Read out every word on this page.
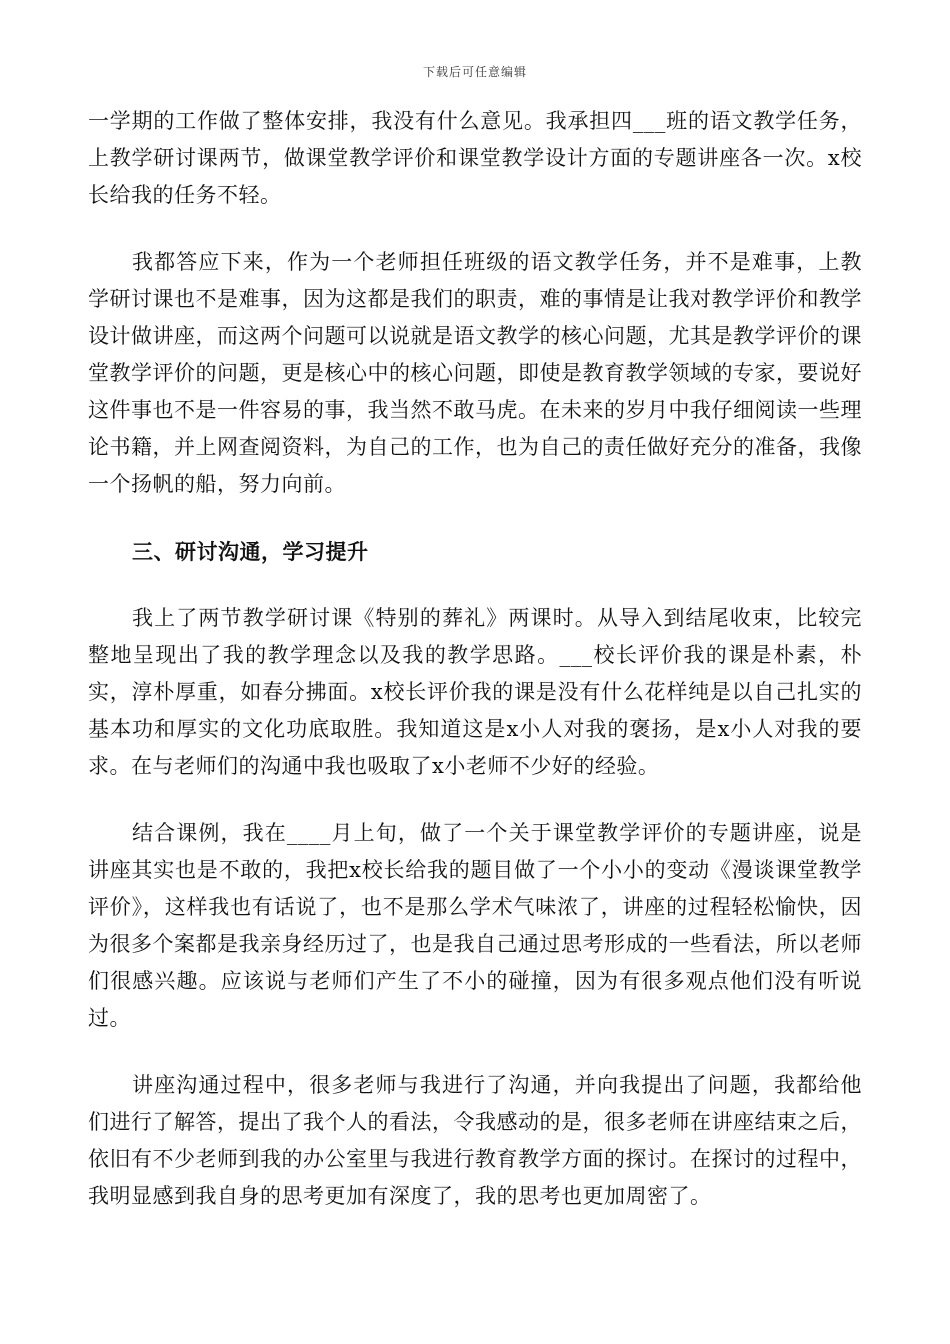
下载后可任意编辑

一学期的工作做了整体安排，我没有什么意见。我承担四___班的语文教学任务，上教学研讨课两节，做课堂教学评价和课堂教学设计方面的专题讲座各一次。x校长给我的任务不轻。

我都答应下来，作为一个老师担任班级的语文教学任务，并不是难事，上教学研讨课也不是难事，因为这都是我们的职责，难的事情是让我对教学评价和教学设计做讲座，而这两个问题可以说就是语文教学的核心问题，尤其是教学评价的课堂教学评价的问题，更是核心中的核心问题，即使是教育教学领域的专家，要说好这件事也不是一件容易的事，我当然不敢马虎。在未来的岁月中我仔细阅读一些理论书籍，并上网查阅资料，为自己的工作，也为自己的责任做好充分的准备，我像一个扬帆的船，努力向前。

三、研讨沟通，学习提升

我上了两节教学研讨课《特别的葬礼》两课时。从导入到结尾收束，比较完整地呈现出了我的教学理念以及我的教学思路。___校长评价我的课是朴素，朴实，淳朴厚重，如春分拂面。x校长评价我的课是没有什么花样纯是以自己扎实的基本功和厚实的文化功底取胜。我知道这是x小人对我的褒扬，是x小人对我的要求。在与老师们的沟通中我也吸取了x小老师不少好的经验。

结合课例，我在____月上旬，做了一个关于课堂教学评价的专题讲座，说是讲座其实也是不敢的，我把x校长给我的题目做了一个小小的变动《漫谈课堂教学评价》，这样我也有话说了，也不是那么学术气味浓了，讲座的过程轻松愉快，因为很多个案都是我亲身经历过了，也是我自己通过思考形成的一些看法，所以老师们很感兴趣。应该说与老师们产生了不小的碰撞，因为有很多观点他们没有听说过。

讲座沟通过程中，很多老师与我进行了沟通，并向我提出了问题，我都给他们进行了解答，提出了我个人的看法，令我感动的是，很多老师在讲座结束之后，依旧有不少老师到我的办公室里与我进行教育教学方面的探讨。在探讨的过程中，我明显感到我自身的思考更加有深度了，我的思考也更加周密了。
